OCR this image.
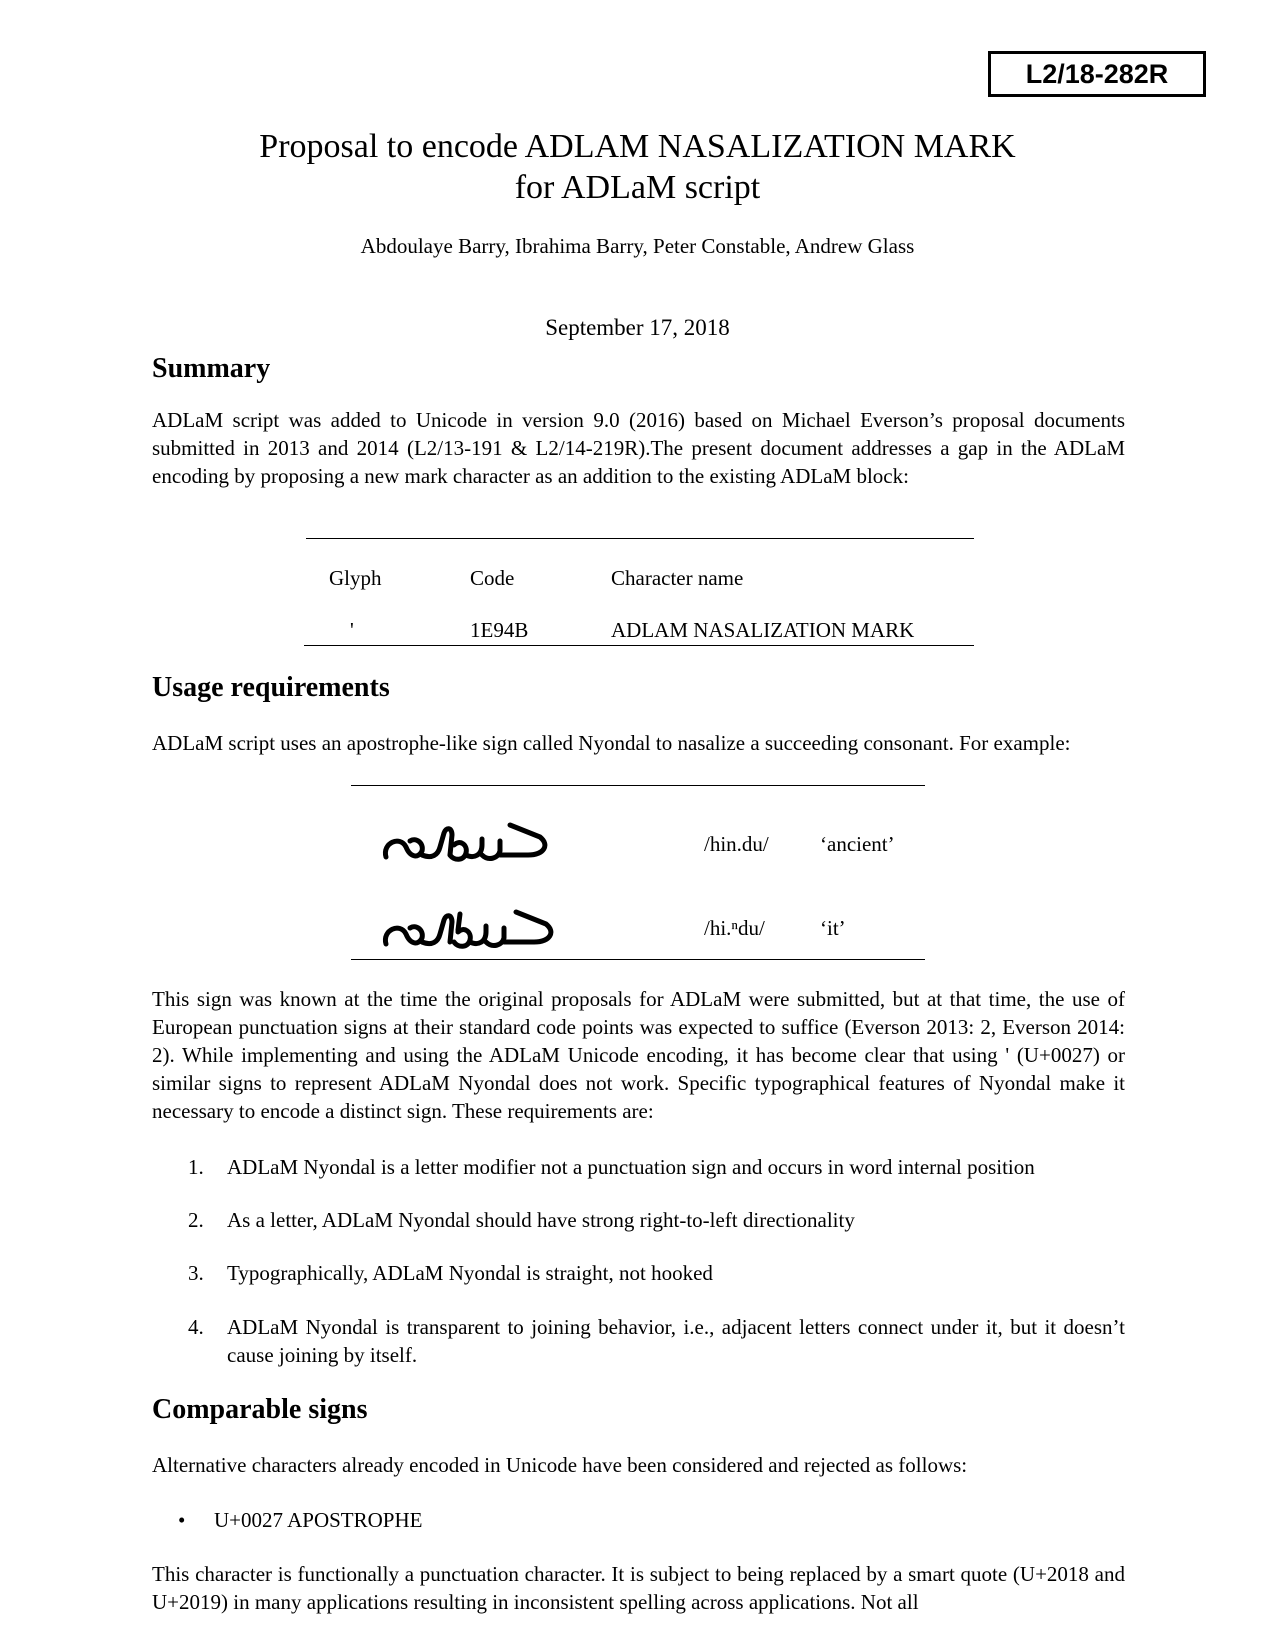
L2/18-282R
Proposal to encode ADLAM NASALIZATION MARK
for ADLaM script
Abdoulaye Barry, Ibrahima Barry, Peter Constable, Andrew Glass
September 17, 2018
Summary

ADLaM script was added to Unicode in version 9.0 (2016) based on Michael Everson’s proposal documents submitted in 2013 and 2014 (L2/13-191 & L2/14-219R).The present document addresses a gap in the ADLaM encoding by proposing a new mark character as an addition to the existing ADLaM block:

Glyph	Code	Character name
'	1E94B	ADLAM NASALIZATION MARK
Usage requirements

ADLaM script uses an apostrophe-like sign called Nyondal to nasalize a succeeding consonant. For example:

/hin.du/ ‘ancient’
/hi.ⁿdu/	‘it’

This sign was known at the time the original proposals for ADLaM were submitted, but at that time, the use of European punctuation signs at their standard code points was expected to suffice (Everson 2013: 2, Everson 2014: 2). While implementing and using the ADLaM Unicode encoding, it has become clear that using ' (U+0027) or similar signs to represent ADLaM Nyondal does not work. Specific typographical features of Nyondal make it necessary to encode a distinct sign. These requirements are:

1. ADLaM Nyondal is a letter modifier not a punctuation sign and occurs in word internal position
2. As a letter, ADLaM Nyondal should have strong right-to-left directionality
3. Typographically, ADLaM Nyondal is straight, not hooked
4. ADLaM Nyondal is transparent to joining behavior, i.e., adjacent letters connect under it, but it doesn’t cause joining by itself.
Comparable signs

Alternative characters already encoded in Unicode have been considered and rejected as follows:

• U+0027 APOSTROPHE

This character is functionally a punctuation character. It is subject to being replaced by a smart quote (U+2018 and U+2019) in many applications resulting in inconsistent spelling across applications. Not all
